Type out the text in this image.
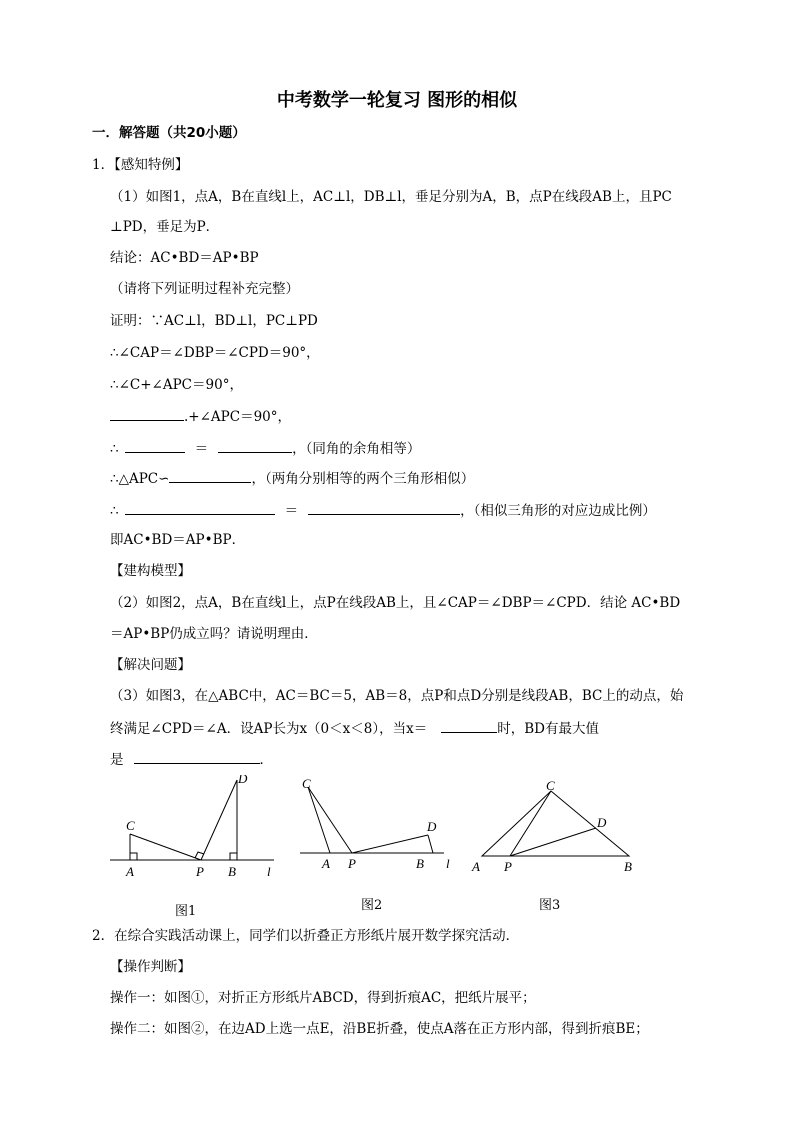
中考数学一轮复习 图形的相似
一．解答题（共20小题）
1．【感知特例】
（1）如图1，点A，B在直线l上，AC⊥l，DB⊥l，垂足分别为A，B，点P在线段AB上，且PC
⊥PD，垂足为P．
结论：AC•BD＝AP•BP
（请将下列证明过程补充完整）
证明：∵AC⊥l，BD⊥l，PC⊥PD
∴∠CAP＝∠DBP＝∠CPD＝90°，
∴∠C+∠APC＝90°，
.+∠APC＝90°，
∴	＝	，（同角的余角相等）
∴△APC∽	，（两角分别相等的两个三角形相似）
∴	＝	，（相似三角形的对应边成比例）
即AC•BD＝AP•BP．
【建构模型】
（2）如图2，点A，B在直线l上，点P在线段AB上，且∠CAP＝∠DBP＝∠CPD．结论 AC•BD
＝AP•BP仍成立吗？请说明理由．
【解决问题】
（3）如图3，在△ABC中，AC＝BC＝5，AB＝8，点P和点D分别是线段AB，BC上的动点，始
终满足∠CPD＝∠A．设AP长为x（0＜x＜8），当x＝	时，BD有最大值
是	．
C
A	P B l
D
图1
C
A P	B l
D
图2
C
A P	B
D
图3
2．在综合实践活动课上，同学们以折叠正方形纸片展开数学探究活动．
【操作判断】
操作一：如图①，对折正方形纸片ABCD，得到折痕AC，把纸片展平；
操作二：如图②，在边AD上选一点E，沿BE折叠，使点A落在正方形内部，得到折痕BE；
